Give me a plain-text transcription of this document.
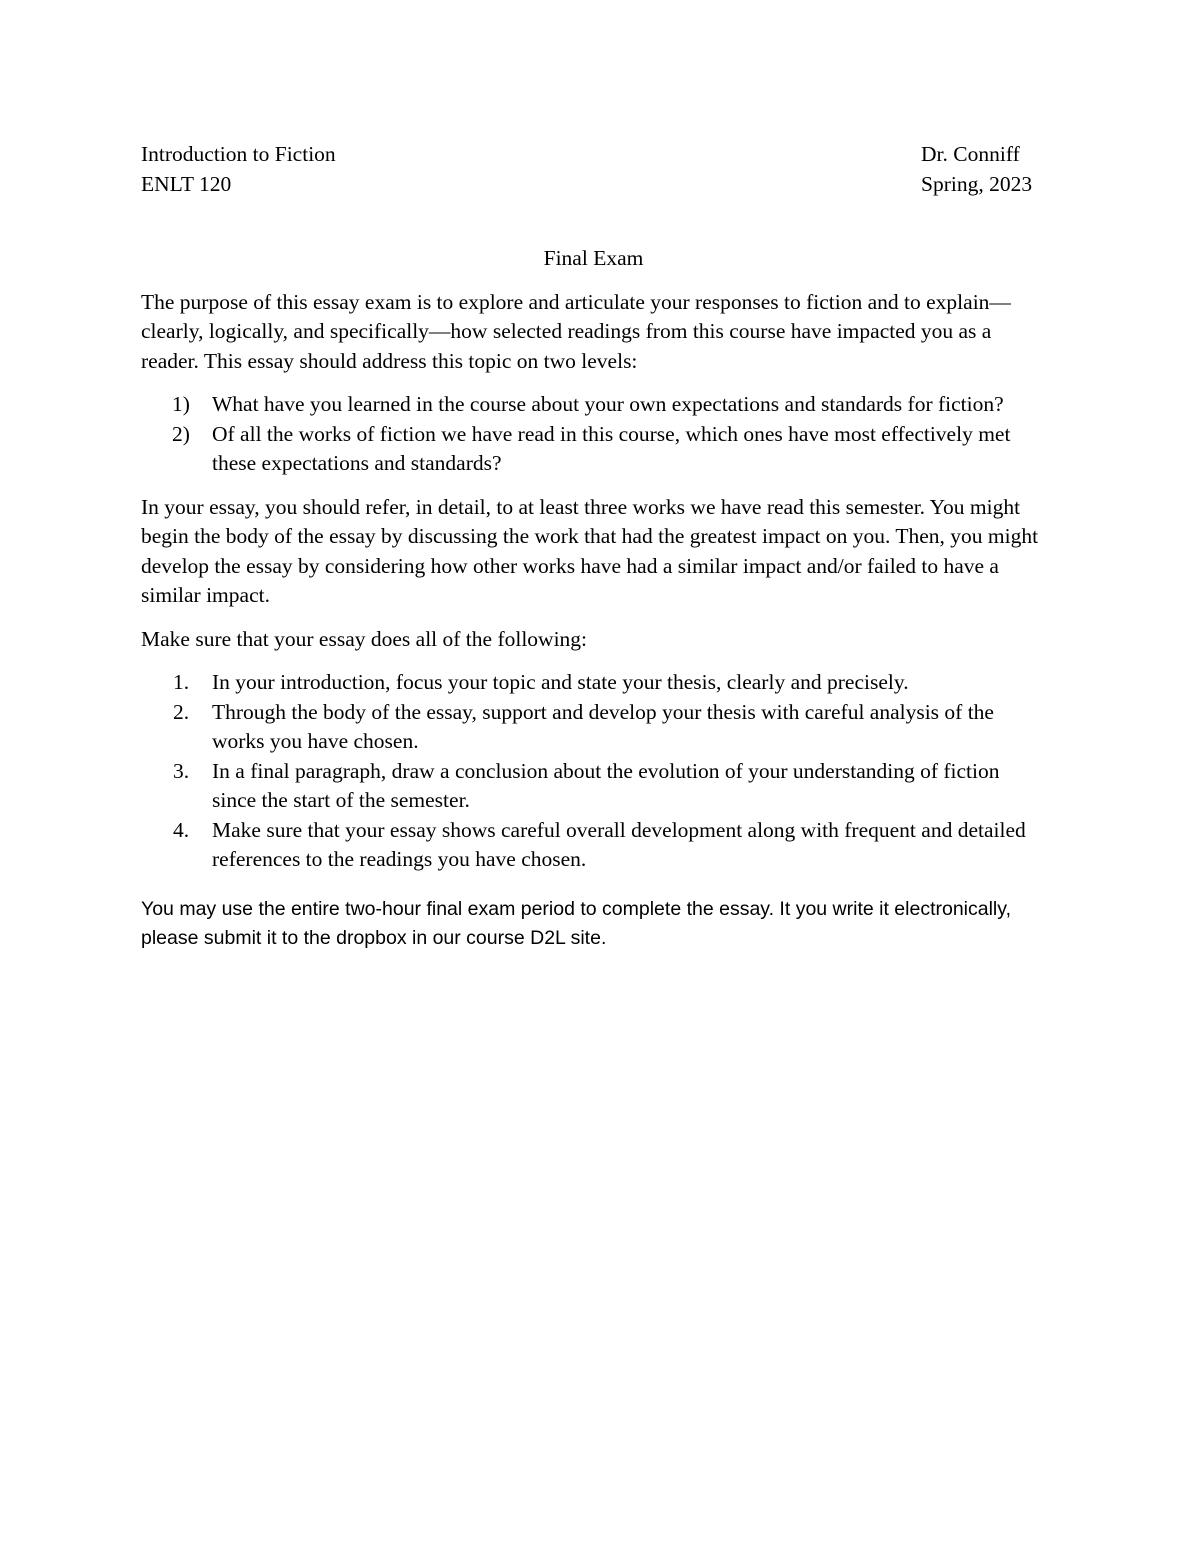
Introduction to Fiction
ENLT 120
Dr. Conniff
Spring, 2023
Final Exam

The purpose of this essay exam is to explore and articulate your responses to fiction and to explain—clearly, logically, and specifically—how selected readings from this course have impacted you as a reader. This essay should address this topic on two levels:

1) What have you learned in the course about your own expectations and standards for fiction?
2) Of all the works of fiction we have read in this course, which ones have most effectively met these expectations and standards?

In your essay, you should refer, in detail, to at least three works we have read this semester. You might begin the body of the essay by discussing the work that had the greatest impact on you. Then, you might develop the essay by considering how other works have had a similar impact and/or failed to have a similar impact.

Make sure that your essay does all of the following:

1. In your introduction, focus your topic and state your thesis, clearly and precisely.
2. Through the body of the essay, support and develop your thesis with careful analysis of the works you have chosen.
3. In a final paragraph, draw a conclusion about the evolution of your understanding of fiction since the start of the semester.
4. Make sure that your essay shows careful overall development along with frequent and detailed references to the readings you have chosen.

You may use the entire two-hour final exam period to complete the essay. It you write it electronically, please submit it to the dropbox in our course D2L site.
